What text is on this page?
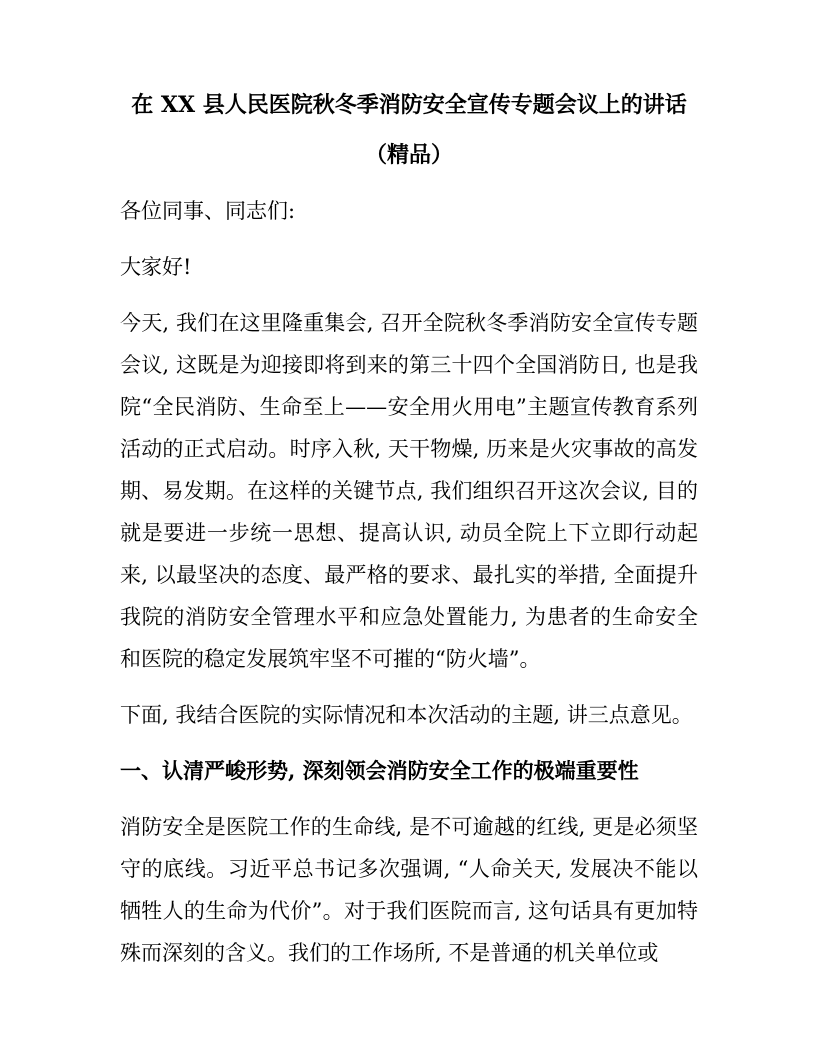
在 XX 县人民医院秋冬季消防安全宣传专题会议上的讲话（精品）

各位同事、同志们:

大家好!

今天, 我们在这里隆重集会, 召开全院秋冬季消防安全宣传专题会议, 这既是为迎接即将到来的第三十四个全国消防日, 也是我院“全民消防、生命至上——安全用火用电”主题宣传教育系列活动的正式启动。时序入秋, 天干物燥, 历来是火灾事故的高发期、易发期。在这样的关键节点, 我们组织召开这次会议, 目的就是要进一步统一思想、提高认识, 动员全院上下立即行动起来, 以最坚决的态度、最严格的要求、最扎实的举措, 全面提升我院的消防安全管理水平和应急处置能力, 为患者的生命安全和医院的稳定发展筑牢坚不可摧的“防火墙”。

下面, 我结合医院的实际情况和本次活动的主题, 讲三点意见。

一、认清严峻形势, 深刻领会消防安全工作的极端重要性

消防安全是医院工作的生命线, 是不可逾越的红线, 更是必须坚守的底线。习近平总书记多次强调, “人命关天, 发展决不能以牺牲人的生命为代价”。对于我们医院而言, 这句话具有更加特殊而深刻的含义。我们的工作场所, 不是普通的机关单位或
